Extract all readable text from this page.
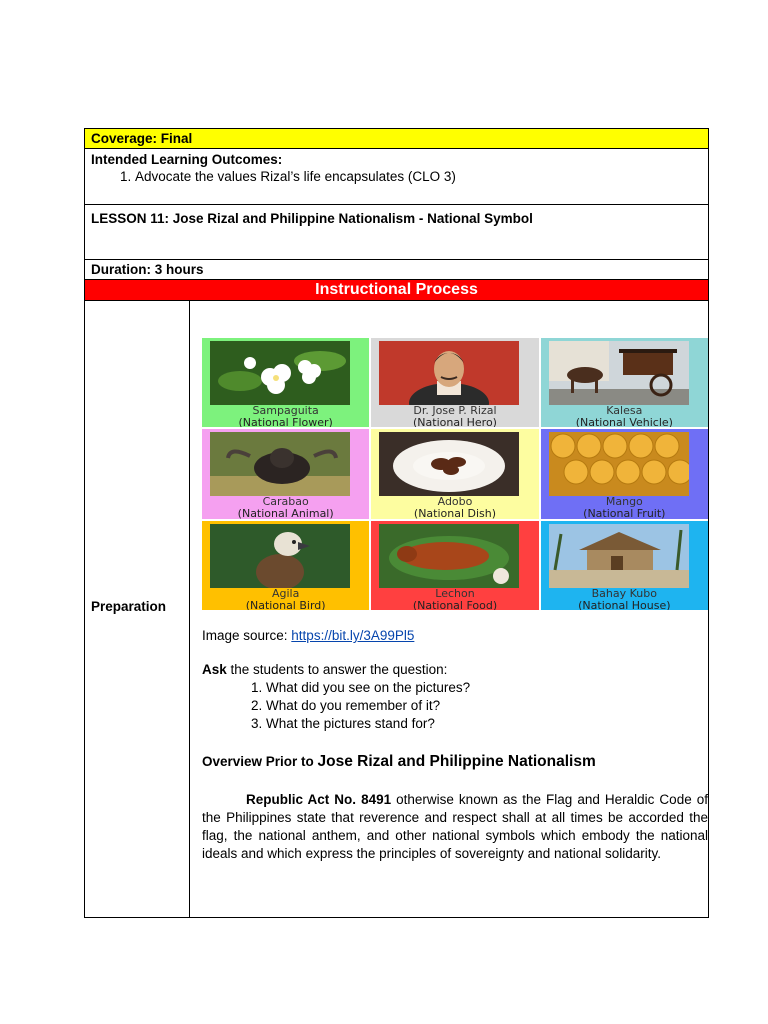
Coverage: Final
Intended Learning Outcomes:
1. Advocate the values Rizal’s life encapsulates (CLO 3)
LESSON 11: Jose Rizal and Philippine Nationalism - National Symbol
Duration: 3 hours
Instructional Process
Preparation
Sampaguita
(National Flower)
Dr. Jose P. Rizal
(National Hero)
Kalesa
(National Vehicle)
Carabao
(National Animal)
Adobo
(National Dish)
Mango
(National Fruit)
Agila
(National Bird)
Lechon
(National Food)
Bahay Kubo
(National House)
Image source: https://bit.ly/3A99Pl5
Ask the students to answer the question:
1. What did you see on the pictures?
2. What do you remember of it?
3. What the pictures stand for?
Overview Prior to Jose Rizal and Philippine Nationalism
Republic Act No. 8491 otherwise known as the Flag and Heraldic Code of the Philippines state that reverence and respect shall at all times be accorded the flag, the national anthem, and other national symbols which embody the national ideals and which express the principles of sovereignty and national solidarity.
